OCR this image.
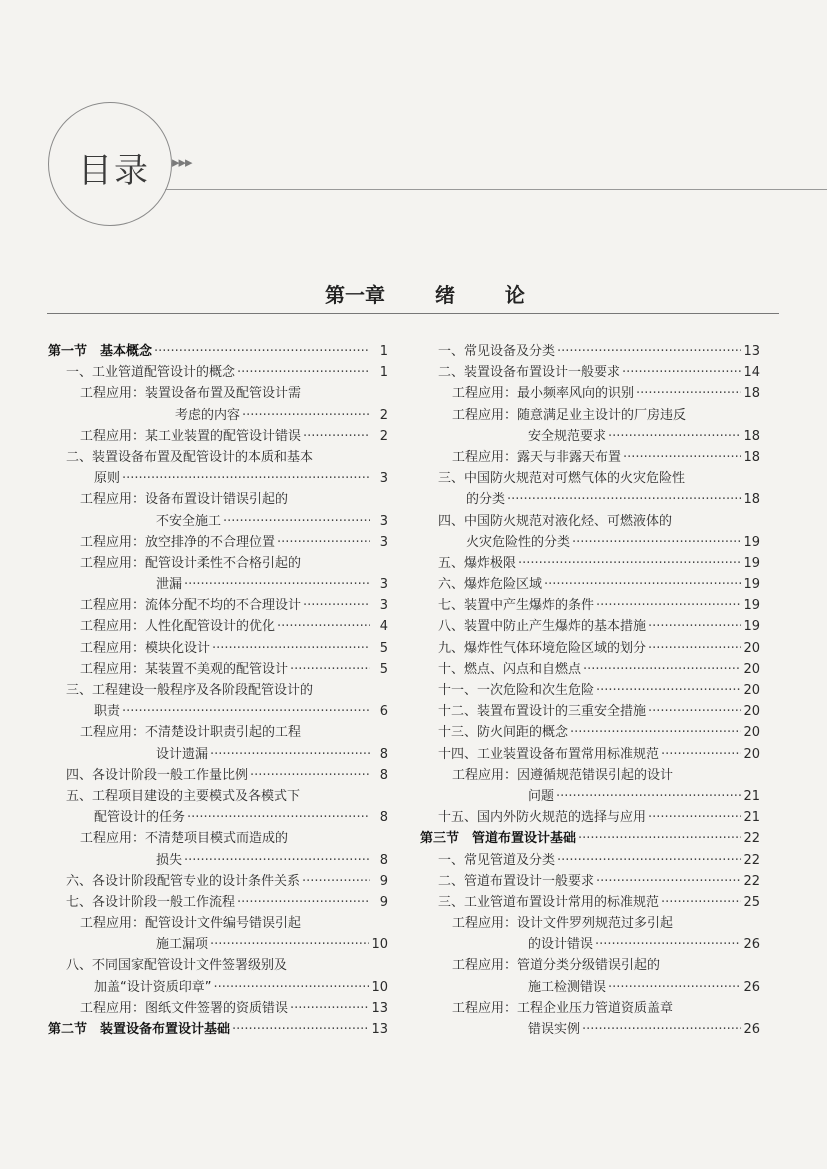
目录 ▸▸▸
第一章 绪 论
第一节　基本概念 ·····	1
一、工业管道配管设计的概念 ·····	1
工程应用：装置设备布置及配管设计需
考虑的内容 ·····	2
工程应用：某工业装置的配管设计错误 ·····	2
二、装置设备布置及配管设计的本质和基本
原则 ·····	3
工程应用：设备布置设计错误引起的
不安全施工 ·····	3
工程应用：放空排净的不合理位置 ·····	3
工程应用：配管设计柔性不合格引起的
泄漏 ·····	3
工程应用：流体分配不均的不合理设计 ·····	3
工程应用：人性化配管设计的优化 ·····	4
工程应用：模块化设计 ·····	5
工程应用：某装置不美观的配管设计 ·····	5
三、工程建设一般程序及各阶段配管设计的
职责 ·····	6
工程应用：不清楚设计职责引起的工程
设计遗漏 ·····	8
四、各设计阶段一般工作量比例 ·····	8
五、工程项目建设的主要模式及各模式下
配管设计的任务 ·····	8
工程应用：不清楚项目模式而造成的
损失 ·····	8
六、各设计阶段配管专业的设计条件关系 ·····	9
七、各设计阶段一般工作流程 ·····	9
工程应用：配管设计文件编号错误引起
施工漏项 ·····	10
八、不同国家配管设计文件签署级别及
加盖“设计资质印章” ·····	10
工程应用：图纸文件签署的资质错误 ·····	13
第二节　装置设备布置设计基础 ·····	13
一、常见设备及分类 ·····	13
二、装置设备布置设计一般要求 ·····	14
工程应用：最小频率风向的识别 ·····	18
工程应用：随意满足业主设计的厂房违反
安全规范要求 ·····	18
工程应用：露天与非露天布置 ·····	18
三、中国防火规范对可燃气体的火灾危险性
的分类 ·····	18
四、中国防火规范对液化烃、可燃液体的
火灾危险性的分类 ·····	19
五、爆炸极限 ·····	19
六、爆炸危险区域 ·····	19
七、装置中产生爆炸的条件 ·····	19
八、装置中防止产生爆炸的基本措施 ·····	19
九、爆炸性气体环境危险区域的划分 ·····	20
十、燃点、闪点和自燃点 ·····	20
十一、一次危险和次生危险 ·····	20
十二、装置布置设计的三重安全措施 ·····	20
十三、防火间距的概念 ·····	20
十四、工业装置设备布置常用标准规范 ·····	20
工程应用：因遵循规范错误引起的设计
问题 ·····	21
十五、国内外防火规范的选择与应用 ·····	21
第三节　管道布置设计基础 ·····	22
一、常见管道及分类 ·····	22
二、管道布置设计一般要求 ·····	22
三、工业管道布置设计常用的标准规范 ·····	25
工程应用：设计文件罗列规范过多引起
的设计错误 ·····	26
工程应用：管道分类分级错误引起的
施工检测错误 ·····	26
工程应用：工程企业压力管道资质盖章
错误实例 ·····	26
